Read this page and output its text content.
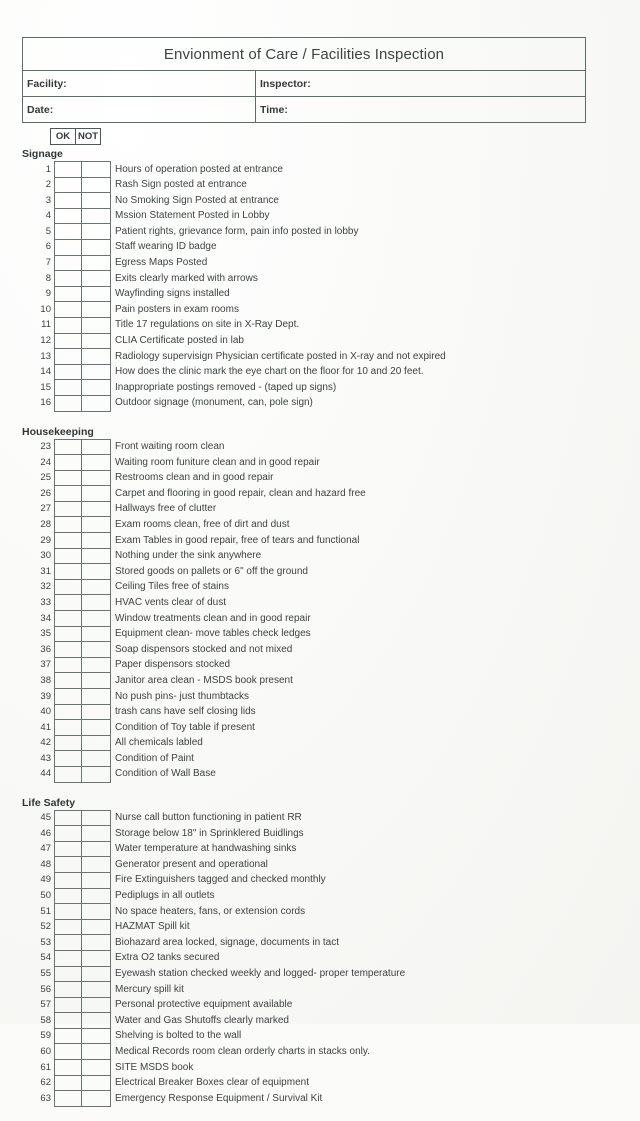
Envionment of Care / Facilities Inspection	
Facility:	Inspector:
Date:	Time:
OK NOT
Signage
1			Hours of operation posted at entrance
2			Rash Sign posted at entrance
3			No Smoking Sign Posted at entrance
4			Mssion Statement Posted in Lobby
5			Patient rights, grievance form, pain info posted in lobby
6			Staff wearing ID badge
7			Egress Maps Posted
8			Exits clearly marked with arrows
9			Wayfinding signs installed
10			Pain posters in exam rooms
11			Title 17 regulations on site in X-Ray Dept.
12			CLIA Certificate posted in lab
13			Radiology supervisign Physician certificate posted in X-ray and not expired
14			How does the clinic mark the eye chart on the floor for 10 and 20 feet.
15			Inappropriate postings removed - (taped up signs)
16			Outdoor signage (monument, can, pole sign)
Housekeeping
23			Front waiting room clean
24			Waiting room funiture clean and in good repair
25			Restrooms clean and in good repair
26			Carpet and flooring in good repair, clean and hazard free
27			Hallways free of clutter
28			Exam rooms clean, free of dirt and dust
29			Exam Tables in good repair, free of tears and functional
30			Nothing under the sink anywhere
31			Stored goods on pallets or 6" off the ground
32			Ceiling Tiles free of stains
33			HVAC vents clear of dust
34			Window treatments clean and in good repair
35			Equipment clean- move tables check ledges
36			Soap dispensors stocked and not mixed
37			Paper dispensors stocked
38			Janitor area clean - MSDS book present
39			No push pins- just thumbtacks
40			trash cans have self closing lids
41			Condition of Toy table if present
42			All chemicals labled
43			Condition of Paint
44			Condition of Wall Base
Life Safety
45			Nurse call button functioning in patient RR
46			Storage below 18" in Sprinklered Buidlings
47			Water temperature at handwashing sinks
48			Generator present and operational
49			Fire Extinguishers tagged and checked monthly
50			Pediplugs in all outlets
51			No space heaters, fans, or extension cords
52			HAZMAT Spill kit
53			Biohazard area locked, signage, documents in tact
54			Extra O2 tanks secured
55			Eyewash station checked weekly and logged- proper temperature
56			Mercury spill kit
57			Personal protective equipment available
58			Water and Gas Shutoffs clearly marked
59			Shelving is bolted to the wall
60			Medical Records room clean orderly charts in stacks only.
61			SITE MSDS book
62			Electrical Breaker Boxes clear of equipment
63			Emergency Response Equipment / Survival Kit
